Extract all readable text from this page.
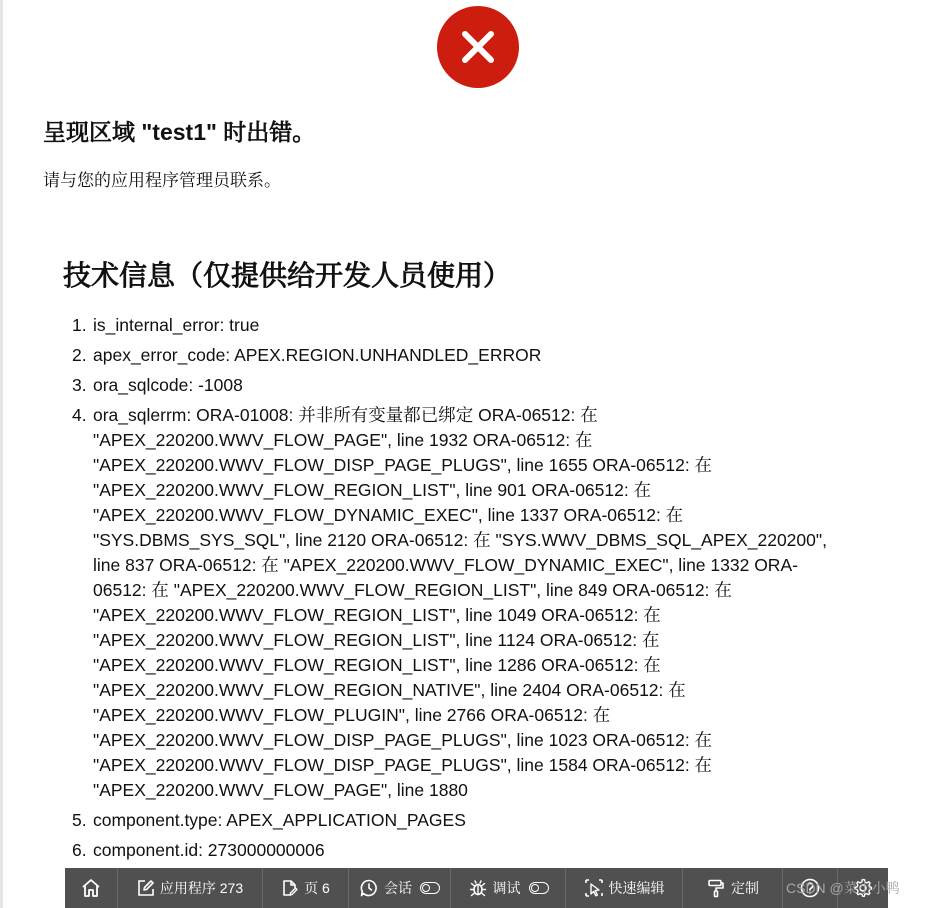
呈现区域 "test1" 时出错。

请与您的应用程序管理员联系。

技术信息（仅提供给开发人员使用）
1. is_internal_error: true
2. apex_error_code: APEX.REGION.UNHANDLED_ERROR
3. ora_sqlcode: -1008
4. ora_sqlerrm: ORA-01008: 并非所有变量都已绑定 ORA-06512: 在
"APEX_220200.WWV_FLOW_PAGE", line 1932 ORA-06512: 在
"APEX_220200.WWV_FLOW_DISP_PAGE_PLUGS", line 1655 ORA-06512: 在
"APEX_220200.WWV_FLOW_REGION_LIST", line 901 ORA-06512: 在
"APEX_220200.WWV_FLOW_DYNAMIC_EXEC", line 1337 ORA-06512: 在
"SYS.DBMS_SYS_SQL", line 2120 ORA-06512: 在 "SYS.WWV_DBMS_SQL_APEX_220200",
line 837 ORA-06512: 在 "APEX_220200.WWV_FLOW_DYNAMIC_EXEC", line 1332 ORA-
06512: 在 "APEX_220200.WWV_FLOW_REGION_LIST", line 849 ORA-06512: 在
"APEX_220200.WWV_FLOW_REGION_LIST", line 1049 ORA-06512: 在
"APEX_220200.WWV_FLOW_REGION_LIST", line 1124 ORA-06512: 在
"APEX_220200.WWV_FLOW_REGION_LIST", line 1286 ORA-06512: 在
"APEX_220200.WWV_FLOW_REGION_NATIVE", line 2404 ORA-06512: 在
"APEX_220200.WWV_FLOW_PLUGIN", line 2766 ORA-06512: 在
"APEX_220200.WWV_FLOW_DISP_PAGE_PLUGS", line 1023 ORA-06512: 在
"APEX_220200.WWV_FLOW_DISP_PAGE_PLUGS", line 1584 ORA-06512: 在
"APEX_220200.WWV_FLOW_PAGE", line 1880
5. component.type: APEX_APPLICATION_PAGES
6. component.id: 273000000006
应用程序 273	页 6	会话	调试	快速编辑	定制 CSDN @菜小小鸭
